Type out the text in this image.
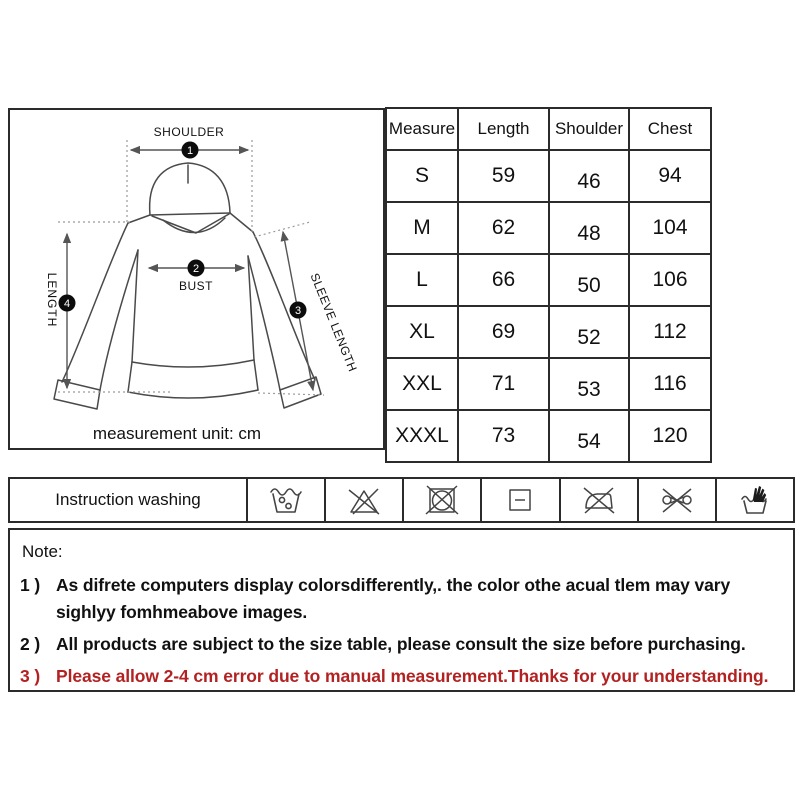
1
2
3
4
SHOULDER
BUST
LENGTH	SLEEVE LENGTH
measurement unit: cm
Measure	Length	Shoulder	Chest
S	59	46	94
M	62	48	104
L	66	50	106
XL	69	52	112
XXL	71	53	116
XXXL	73	54	120
Instruction washing
Note:
1 ) As difrete computers display colorsdifferently,. the color othe acual tlem may vary sighlyy fomhmeabove images.
2 ) All products are subject to the size table, please consult the size before purchasing.
3 ) Please allow 2-4 cm error due to manual measurement.Thanks for your understanding.
